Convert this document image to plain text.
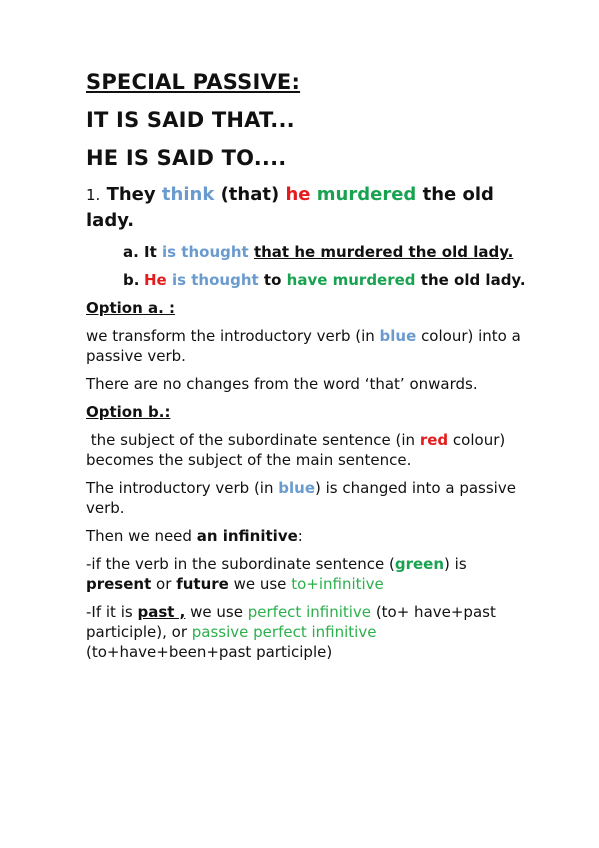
SPECIAL PASSIVE:

IT IS SAID THAT...

HE IS SAID TO....

1. They think (that) he murdered the old lady.

a. It is thought that he murdered the old lady.

b. He is thought to have murdered the old lady.

Option a. :

we transform the introductory verb (in blue colour) into a passive verb.

There are no changes from the word ‘that’ onwards.

Option b.:

the subject of the subordinate sentence (in red colour) becomes the subject of the main sentence.

The introductory verb (in blue) is changed into a passive verb.

Then we need an infinitive:

-if the verb in the subordinate sentence (green) is present or future we use to+infinitive

-If it is past , we use perfect infinitive (to+ have+past participle), or passive perfect infinitive (to+have+been+past participle)
